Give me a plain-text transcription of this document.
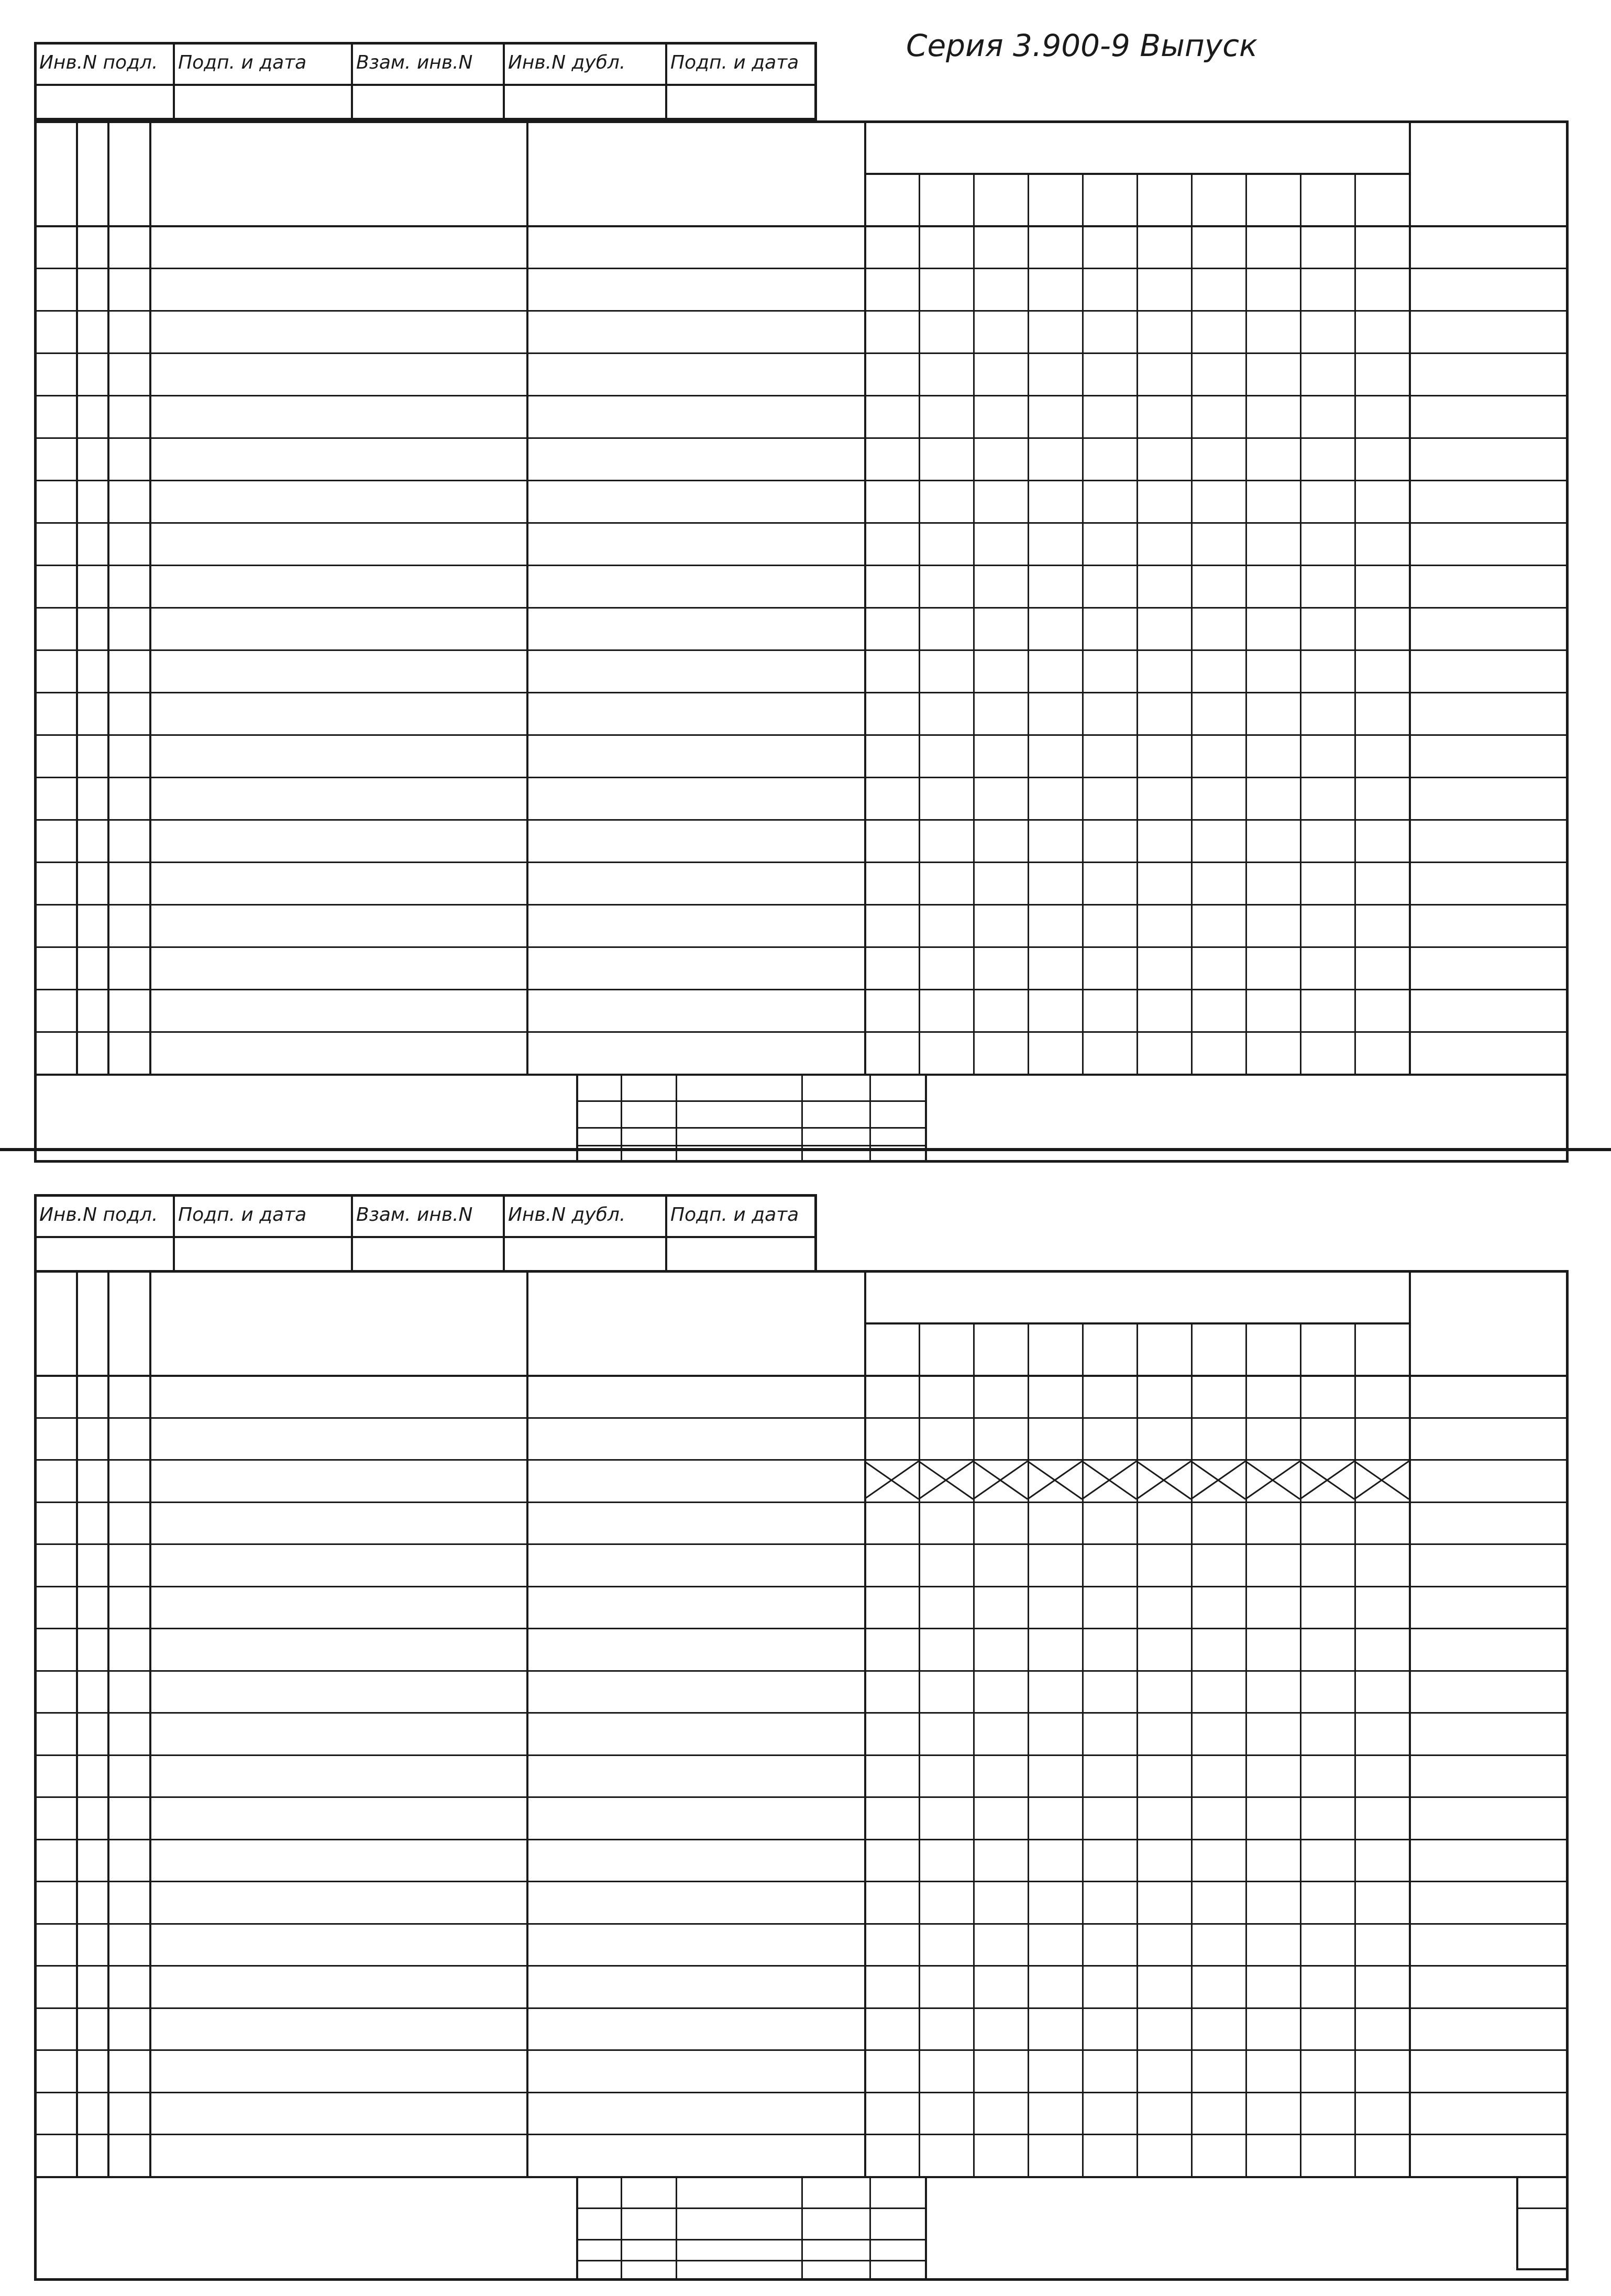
Серия 3.900-9 Выпуск
Инв.N подл. Подп. и дата	Взам. инв.N Инв.N дубл. Подп. и дата
Инв.N подл. Подп. и дата	Взам. инв.N Инв.N дубл. Подп. и дата
